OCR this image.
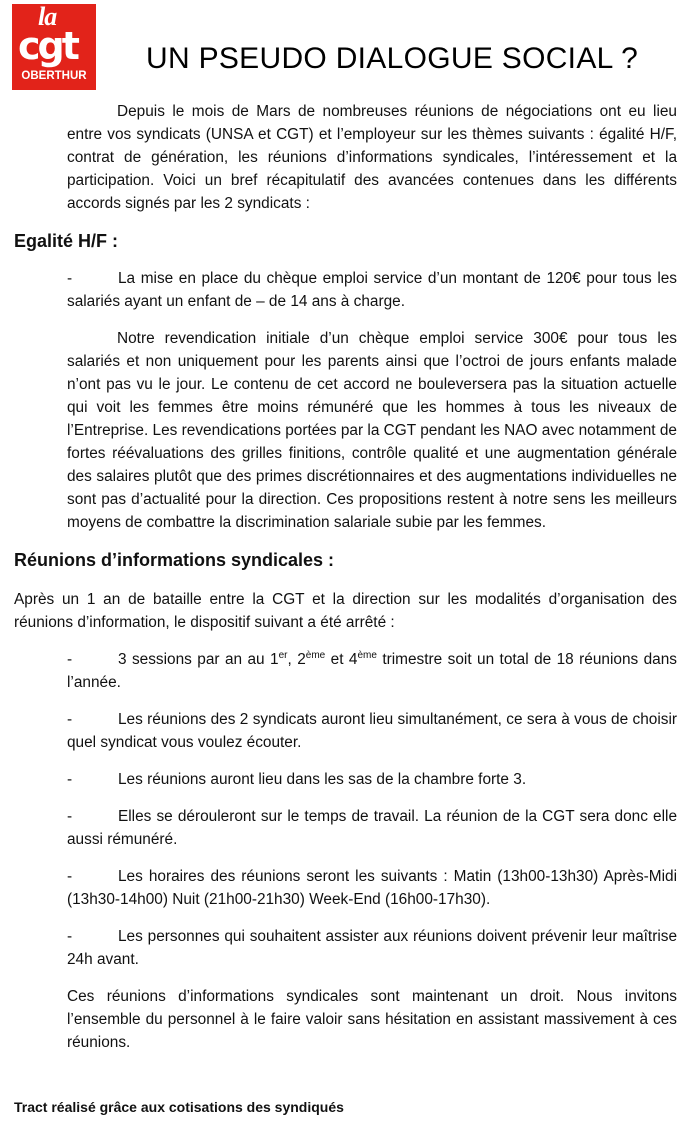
la
cgt
OBERTHUR
UN PSEUDO DIALOGUE SOCIAL ?

Depuis le mois de Mars de nombreuses réunions de négociations ont eu lieu entre vos syndicats (UNSA et CGT) et l’employeur sur les thèmes suivants : égalité H/F, contrat de génération, les réunions d’informations syndicales, l’intéressement et la participation. Voici un bref récapitulatif des avancées contenues dans les différents accords signés par les 2 syndicats :

Egalité H/F :

-	La mise en place du chèque emploi service d’un montant de 120€ pour tous les salariés ayant un enfant de – de 14 ans à charge.

Notre revendication initiale d’un chèque emploi service 300€ pour tous les salariés et non uniquement pour les parents ainsi que l’octroi de jours enfants malade n’ont pas vu le jour. Le contenu de cet accord ne bouleversera pas la situation actuelle qui voit les femmes être moins rémunéré que les hommes à tous les niveaux de l’Entreprise. Les revendications portées par la CGT pendant les NAO avec notamment de fortes réévaluations des grilles finitions, contrôle qualité et une augmentation générale des salaires plutôt que des primes discrétionnaires et des augmentations individuelles ne sont pas d’actualité pour la direction. Ces propositions restent à notre sens les meilleurs moyens de combattre la discrimination salariale subie par les femmes.

Réunions d’informations syndicales :

Après un 1 an de bataille entre la CGT et la direction sur les modalités d’organisation des réunions d’information, le dispositif suivant a été arrêté :

-	3 sessions par an au 1er, 2ème et 4ème trimestre soit un total de 18 réunions dans l’année.

-	Les réunions des 2 syndicats auront lieu simultanément, ce sera à vous de choisir quel syndicat vous voulez écouter.

-	Les réunions auront lieu dans les sas de la chambre forte 3.

-	Elles se dérouleront sur le temps de travail. La réunion de la CGT sera donc elle aussi rémunéré.

-	Les horaires des réunions seront les suivants : Matin (13h00-13h30) Après-Midi (13h30-14h00) Nuit (21h00-21h30) Week-End (16h00-17h30).

-	Les personnes qui souhaitent assister aux réunions doivent prévenir leur maîtrise 24h avant.

Ces réunions d’informations syndicales sont maintenant un droit. Nous invitons l’ensemble du personnel à le faire valoir sans hésitation en assistant massivement à ces réunions.

Tract réalisé grâce aux cotisations des syndiqués
